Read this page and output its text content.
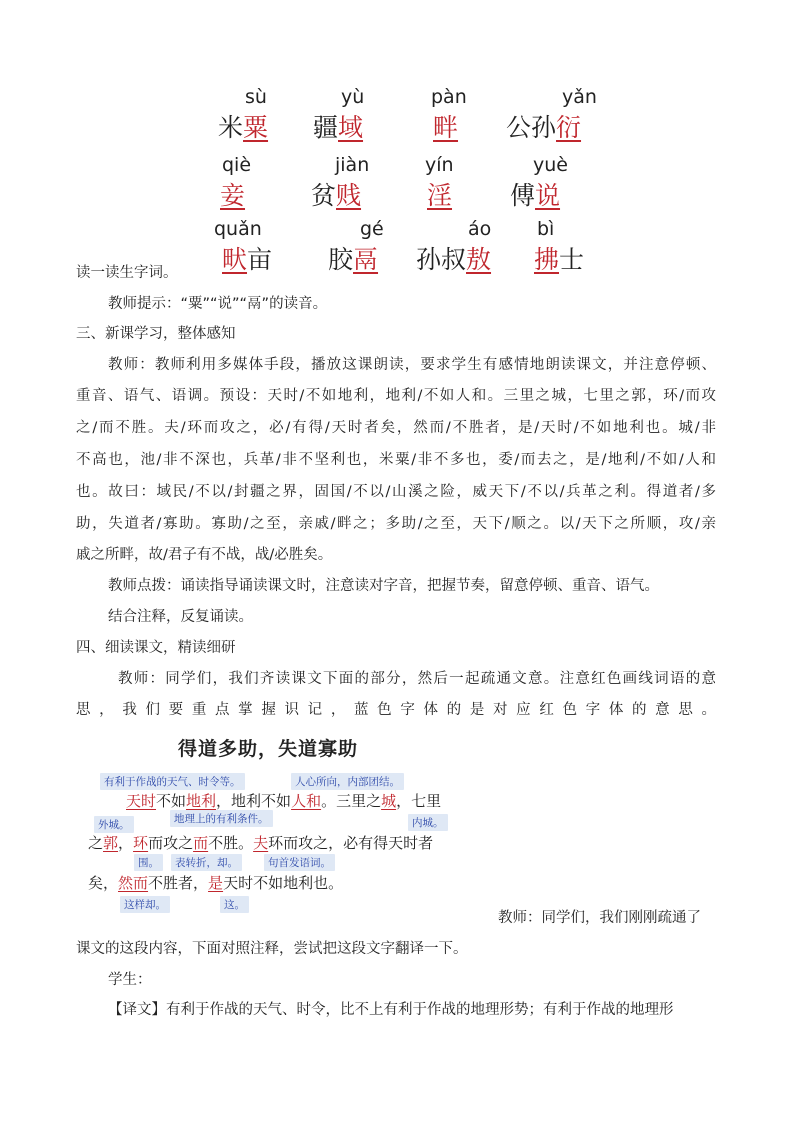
sù
米粟
yù
疆域
pàn
畔
yǎn
公孙衍
qiè
妾
jiàn
贫贱
yín
淫
yuè
傅说
quǎn
畎亩
gé
胶鬲
áo
孙叔敖
bì
拂士
读一读生字词。
教师提示：“粟”“说”“鬲”的读音。
三、新课学习，整体感知
教师：教师利用多媒体手段，播放这课朗读，要求学生有感情地朗读课文，并注意停顿、
重音、语气、语调。预设：天时/不如地利，地利/不如人和。三里之城，七里之郭，环/而攻
之/而不胜。夫/环而攻之，必/有得/天时者矣，然而/不胜者，是/天时/不如地利也。城/非
不高也，池/非不深也，兵革/非不坚利也，米粟/非不多也，委/而去之，是/地利/不如/人和
也。故曰：域民/不以/封疆之界，固国/不以/山溪之险，威天下/不以/兵革之利。得道者/多
助，失道者/寡助。寡助/之至，亲戚/畔之；多助/之至，天下/顺之。以/天下之所顺，攻/亲
戚之所畔，故/君子有不战，战/必胜矣。
教师点拨：诵读指导诵读课文时，注意读对字音，把握节奏，留意停顿、重音、语气。
结合注释，反复诵读。
四、细读课文，精读细研
教师：同学们，我们齐读课文下面的部分，然后一起疏通文意。注意红色画线词语的意
思，我们要重点掌握识记，蓝色字体的是对应红色字体的意思。
得道多助，失道寡助
有利于作战的天气、时令等。	人心所向，内部团结。
天时不如地利，地利不如人和。三里之城，七里
外城。	地理上的有利条件。	内城。
之郭，环而攻之而不胜。夫环而攻之，必有得天时者
围。	表转折，却。	句首发语词。
矣，然而不胜者，是天时不如地利也。
这样却。	这。
教师：同学们，我们刚刚疏通了
课文的这段内容，下面对照注释，尝试把这段文字翻译一下。
学生：
【译文】有利于作战的天气、时令，比不上有利于作战的地理形势；有利于作战的地理形
